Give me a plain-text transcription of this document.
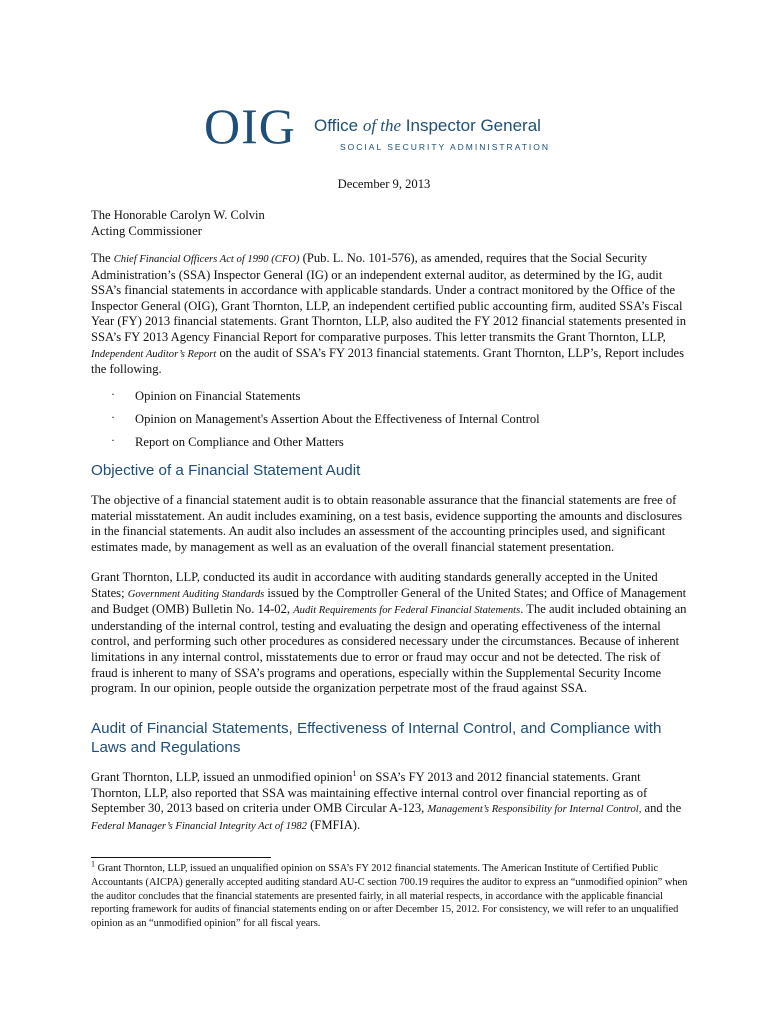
OIG Office of the Inspector General
SOCIAL SECURITY ADMINISTRATION
December 9, 2013
The Honorable Carolyn W. Colvin
Acting Commissioner
The Chief Financial Officers Act of 1990 (CFO) (Pub. L. No. 101-576), as amended, requires that the Social Security Administration’s (SSA) Inspector General (IG) or an independent external auditor, as determined by the IG, audit SSA’s financial statements in accordance with applicable standards. Under a contract monitored by the Office of the Inspector General (OIG), Grant Thornton, LLP, an independent certified public accounting firm, audited SSA’s Fiscal Year (FY) 2013 financial statements. Grant Thornton, LLP, also audited the FY 2012 financial statements presented in SSA’s FY 2013 Agency Financial Report for comparative purposes. This letter transmits the Grant Thornton, LLP, Independent Auditor’s Report on the audit of SSA’s FY 2013 financial statements. Grant Thornton, LLP’s, Report includes the following.
· Opinion on Financial Statements
· Opinion on Management's Assertion About the Effectiveness of Internal Control
· Report on Compliance and Other Matters
Objective of a Financial Statement Audit
The objective of a financial statement audit is to obtain reasonable assurance that the financial statements are free of material misstatement. An audit includes examining, on a test basis, evidence supporting the amounts and disclosures in the financial statements. An audit also includes an assessment of the accounting principles used, and significant estimates made, by management as well as an evaluation of the overall financial statement presentation.
Grant Thornton, LLP, conducted its audit in accordance with auditing standards generally accepted in the United States; Government Auditing Standards issued by the Comptroller General of the United States; and Office of Management and Budget (OMB) Bulletin No. 14-02, Audit Requirements for Federal Financial Statements. The audit included obtaining an understanding of the internal control, testing and evaluating the design and operating effectiveness of the internal control, and performing such other procedures as considered necessary under the circumstances. Because of inherent limitations in any internal control, misstatements due to error or fraud may occur and not be detected. The risk of fraud is inherent to many of SSA’s programs and operations, especially within the Supplemental Security Income program. In our opinion, people outside the organization perpetrate most of the fraud against SSA.
Audit of Financial Statements, Effectiveness of Internal Control, and Compliance with Laws and Regulations
Grant Thornton, LLP, issued an unmodified opinion$^1$ on SSA’s FY 2013 and 2012 financial statements. Grant Thornton, LLP, also reported that SSA was maintaining effective internal control over financial reporting as of September 30, 2013 based on criteria under OMB Circular A-123, Management’s Responsibility for Internal Control, and the Federal Manager’s Financial Integrity Act of 1982 (FMFIA).
$^1$ Grant Thornton, LLP, issued an unqualified opinion on SSA’s FY 2012 financial statements. The American Institute of Certified Public Accountants (AICPA) generally accepted auditing standard AU-C section 700.19 requires the auditor to express an “unmodified opinion” when the auditor concludes that the financial statements are presented fairly, in all material respects, in accordance with the applicable financial reporting framework for audits of financial statements ending on or after December 15, 2012. For consistency, we will refer to an unqualified opinion as an “unmodified opinion” for all fiscal years.
